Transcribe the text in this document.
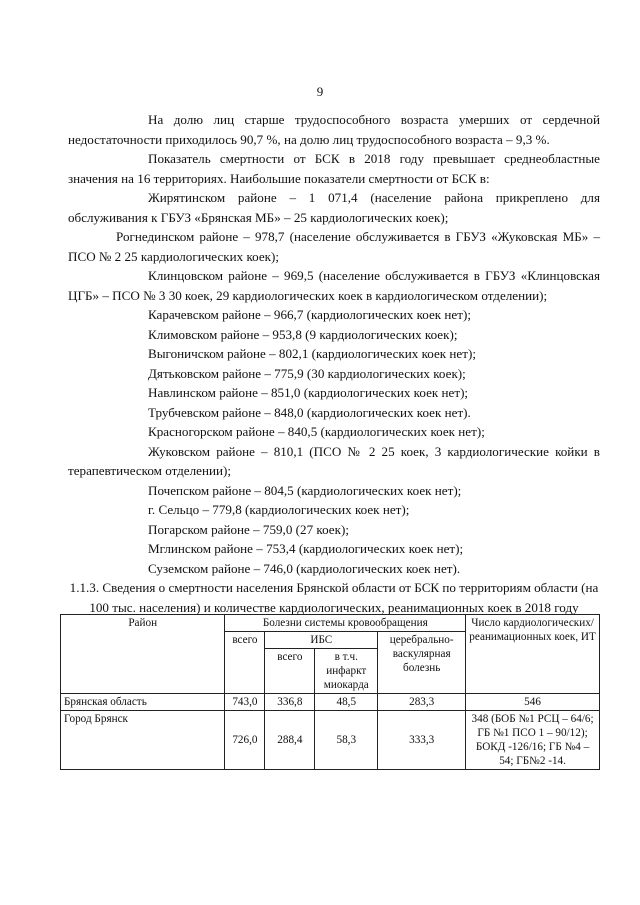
9

На долю лиц старше трудоспособного возраста умерших от сердечной недостаточности приходилось 90,7 %, на долю лиц трудоспособного возраста – 9,3 %.

Показатель смертности от БСК в 2018 году превышает среднеобластные значения на 16 территориях. Наибольшие показатели смертности от БСК в:

Жирятинском районе – 1 071,4 (население района прикреплено для обслуживания к ГБУЗ «Брянская МБ» – 25 кардиологических коек);

Рогнединском районе – 978,7 (население обслуживается в ГБУЗ «Жуковская МБ» – ПСО № 2 25 кардиологических коек);

Клинцовском районе – 969,5 (население обслуживается в ГБУЗ «Клинцовская ЦГБ» – ПСО № 3 30 коек, 29 кардиологических коек в кардиологическом отделении);

Карачевском районе – 966,7 (кардиологических коек нет);

Климовском районе – 953,8 (9 кардиологических коек);

Выгоничском районе – 802,1 (кардиологических коек нет);

Дятьковском районе – 775,9 (30 кардиологических коек);

Навлинском районе – 851,0 (кардиологических коек нет);

Трубчевском районе – 848,0 (кардиологических коек нет).

Красногорском районе – 840,5 (кардиологических коек нет);

Жуковском районе – 810,1 (ПСО № 2 25 коек, 3 кардиологические койки в терапевтическом отделении);

Почепском районе – 804,5 (кардиологических коек нет);

г. Сельцо – 779,8 (кардиологических коек нет);

Погарском районе – 759,0 (27 коек);

Мглинском районе – 753,4 (кардиологических коек нет);

Суземском районе – 746,0 (кардиологических коек нет).

1.1.3. Сведения о смертности населения Брянской области от БСК по территориям области (на 100 тыс. населения) и количестве кардиологических, реанимационных коек в 2018 году

Район	Болезни системы кровообращения				Число кардиологических/ реанимационных коек, ИТ
	всего	ИБС		церебрально-васкулярная болезнь	
		всего	в т.ч. инфаркт миокарда		
Брянская область	743,0	336,8	48,5	283,3	546
Город Брянск	726,0	288,4	58,3	333,3	348 (БОБ №1 РСЦ – 64/6; ГБ №1 ПСО 1 – 90/12); БОКД -126/16; ГБ №4 – 54; ГБ№2 -14.
